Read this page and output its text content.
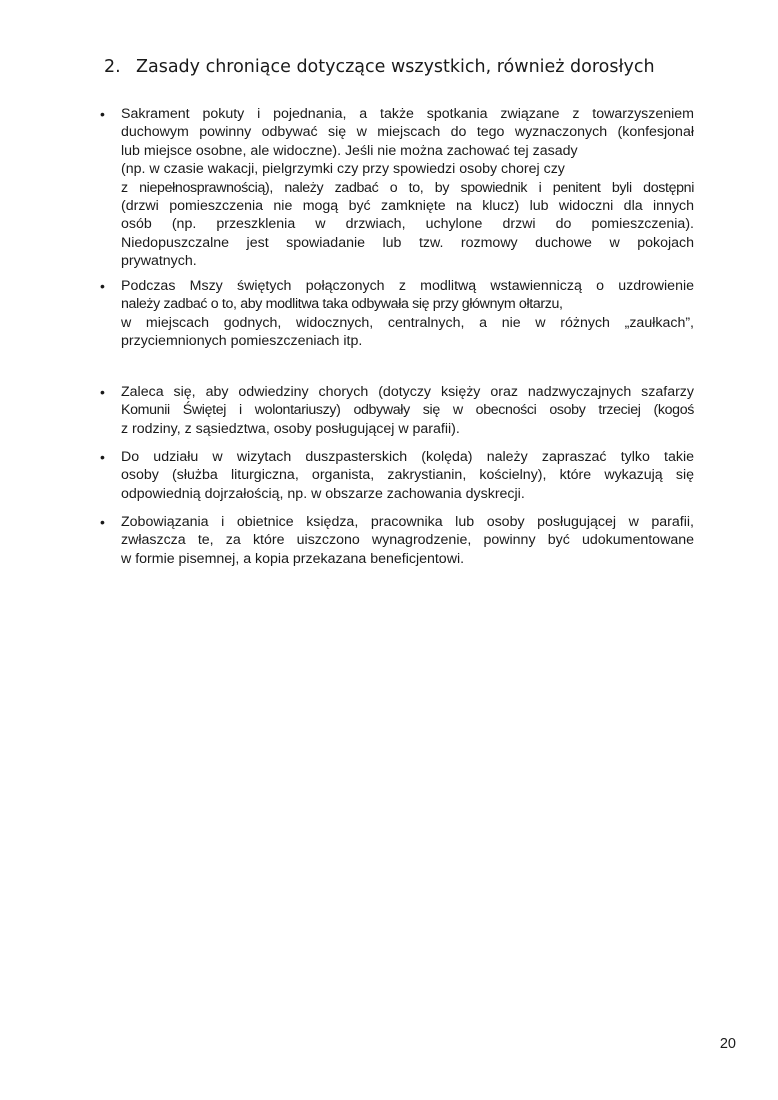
2. Zasady chroniące dotyczące wszystkich, również dorosłych
•	Sakrament pokuty i pojednania, a także spotkania związane z towarzyszeniem
duchowym powinny odbywać się w miejscach do tego wyznaczonych (konfesjonał
lub miejsce osobne, ale widoczne). Jeśli nie można zachować tej zasady
(np. w czasie wakacji, pielgrzymki czy przy spowiedzi osoby chorej czy
z niepełnosprawnością), należy zadbać o to, by spowiednik i penitent byli dostępni
(drzwi pomieszczenia nie mogą być zamknięte na klucz) lub widoczni dla innych
osób (np. przeszklenia w drzwiach, uchylone drzwi do pomieszczenia).
Niedopuszczalne jest spowiadanie lub tzw. rozmowy duchowe w pokojach
prywatnych.
•	Podczas Mszy świętych połączonych z modlitwą wstawienniczą o uzdrowienie
należy zadbać o to, aby modlitwa taka odbywała się przy głównym ołtarzu,
w miejscach godnych, widocznych, centralnych, a nie w różnych „zaułkach”,
przyciemnionych pomieszczeniach itp.
•	Zaleca się, aby odwiedziny chorych (dotyczy księży oraz nadzwyczajnych szafarzy
Komunii Świętej i wolontariuszy) odbywały się w obecności osoby trzeciej (kogoś
z rodziny, z sąsiedztwa, osoby posługującej w parafii).
•	Do udziału w wizytach duszpasterskich (kolęda) należy zapraszać tylko takie
osoby (służba liturgiczna, organista, zakrystianin, kościelny), które wykazują się
odpowiednią dojrzałością, np. w obszarze zachowania dyskrecji.
•	Zobowiązania i obietnice księdza, pracownika lub osoby posługującej w parafii,
zwłaszcza te, za które uiszczono wynagrodzenie, powinny być udokumentowane
w formie pisemnej, a kopia przekazana beneficjentowi.
20
